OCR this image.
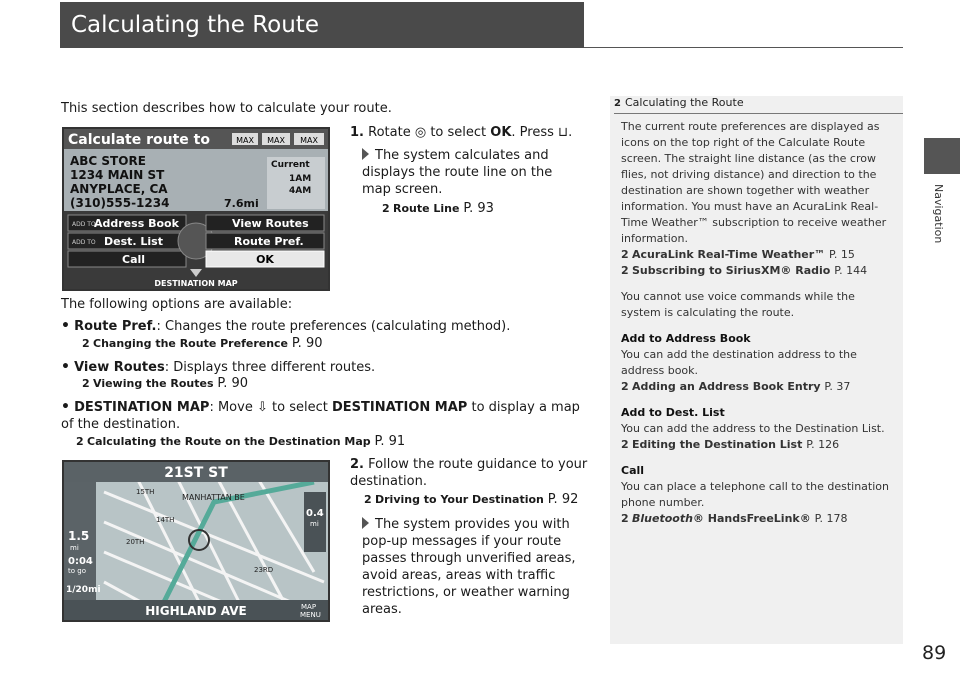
Calculating the Route
Navigation
This section describes how to calculate your route.
Calculate route to	MAX MAX MAX
ABC STORE
1234 MAIN ST
ANYPLACE, CA
(310)555-1234	7.6mi
Current
1AM
4AM
ADD TO
Address Book
ADD TO Dest. List
Call
View Routes
Route Pref.
OK
DESTINATION MAP
1. Rotate ◎ to select OK. Press ⊔.
The system calculates and displays the route line on the map screen.
2 Route Line P. 93
The following options are available:
• Route Pref.: Changes the route preferences (calculating method).
2 Changing the Route Preference P. 90
• View Routes: Displays three different routes.
2 Viewing the Routes P. 90
• DESTINATION MAP: Move ⇩ to select DESTINATION MAP to display a map of the destination.
2 Calculating the Route on the Destination Map P. 91
21ST ST
MANHATTAN BE
14TH
15TH
20TH
23RD
1.5
mi
0:04
to go
1/20mi
0.4
mi
HIGHLAND AVE	MAP
MENU
2. Follow the route guidance to your destination.
2 Driving to Your Destination P. 92
The system provides you with pop-up messages if your route passes through unverified areas, avoid areas, areas with traffic restrictions, or weather warning areas.
2 Calculating the Route
The current route preferences are displayed as icons on the top right of the Calculate Route screen. The straight line distance (as the crow flies, not driving distance) and direction to the destination are shown together with weather information. You must have an AcuraLink Real-Time Weather™ subscription to receive weather information.
2 AcuraLink Real-Time Weather™ P. 15
2 Subscribing to SiriusXM® Radio P. 144
You cannot use voice commands while the system is calculating the route.
Add to Address Book
You can add the destination address to the address book.
2 Adding an Address Book Entry P. 37
Add to Dest. List
You can add the address to the Destination List.
2 Editing the Destination List P. 126
Call
You can place a telephone call to the destination phone number.
2 Bluetooth® HandsFreeLink® P. 178
89
